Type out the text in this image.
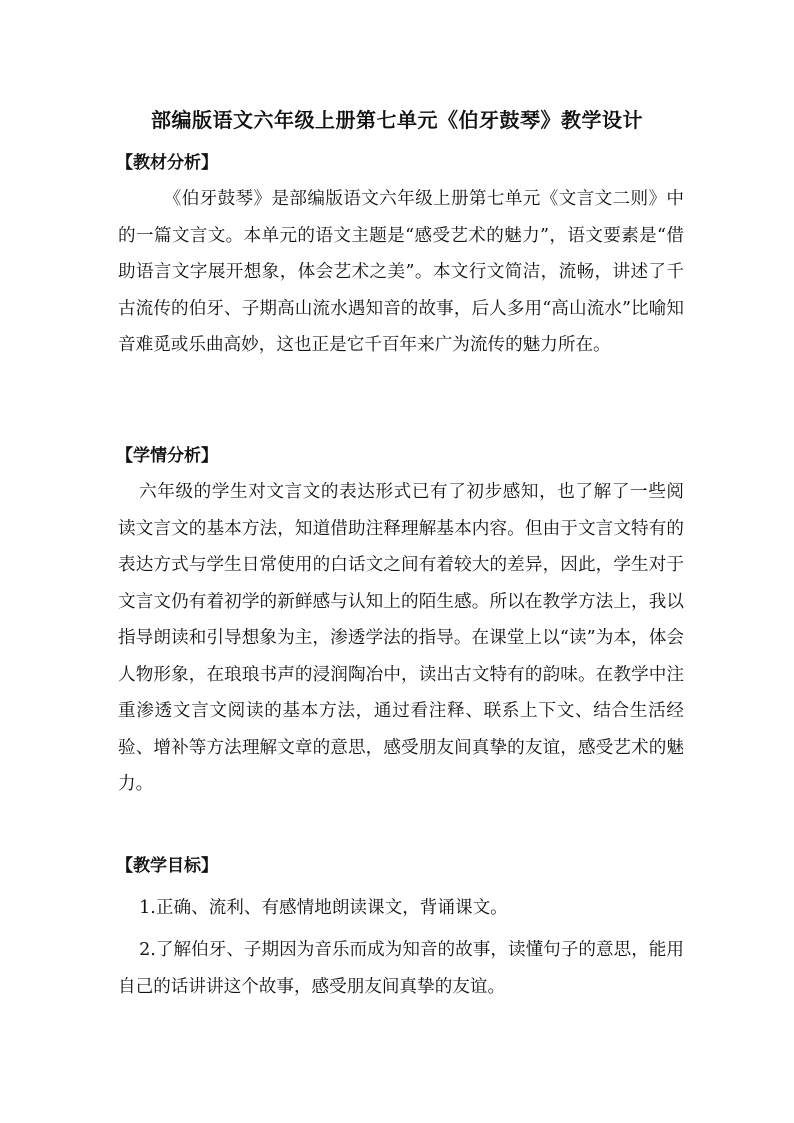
部编版语文六年级上册第七单元《伯牙鼓琴》教学设计
【教材分析】

《伯牙鼓琴》是部编版语文六年级上册第七单元《文言文二则》中的一篇文言文。本单元的语文主题是“感受艺术的魅力”，语文要素是“借助语言文字展开想象，体会艺术之美”。本文行文简洁，流畅，讲述了千古流传的伯牙、子期高山流水遇知音的故事，后人多用“高山流水”比喻知音难觅或乐曲高妙，这也正是它千百年来广为流传的魅力所在。

【学情分析】

六年级的学生对文言文的表达形式已有了初步感知，也了解了一些阅读文言文的基本方法，知道借助注释理解基本内容。但由于文言文特有的表达方式与学生日常使用的白话文之间有着较大的差异，因此，学生对于文言文仍有着初学的新鲜感与认知上的陌生感。所以在教学方法上，我以指导朗读和引导想象为主，渗透学法的指导。在课堂上以“读”为本，体会人物形象，在琅琅书声的浸润陶冶中，读出古文特有的韵味。在教学中注重渗透文言文阅读的基本方法，通过看注释、联系上下文、结合生活经验、增补等方法理解文章的意思，感受朋友间真挚的友谊，感受艺术的魅力。

【教学目标】

1.正确、流利、有感情地朗读课文，背诵课文。

2.了解伯牙、子期因为音乐而成为知音的故事，读懂句子的意思，能用自己的话讲讲这个故事，感受朋友间真挚的友谊。
